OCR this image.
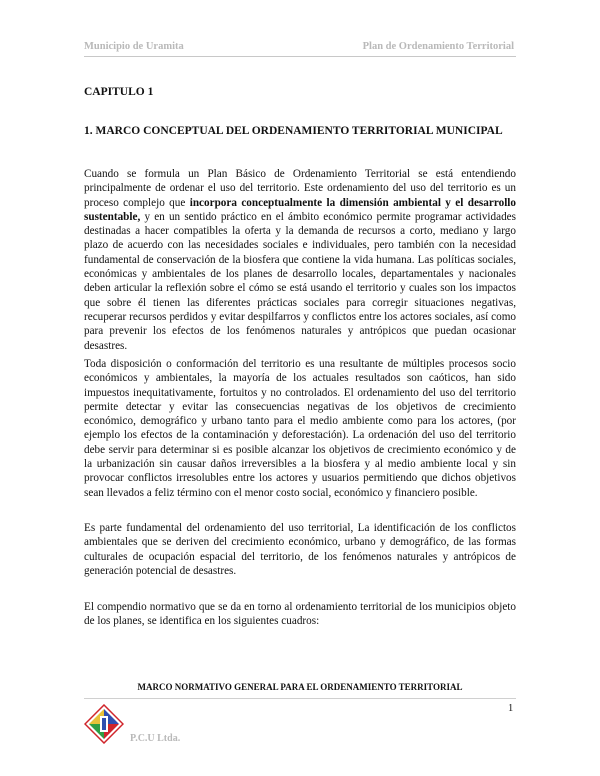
Municipio de Uramita	Plan de Ordenamiento Territorial
CAPITULO 1
1. MARCO CONCEPTUAL DEL ORDENAMIENTO TERRITORIAL MUNICIPAL
Cuando se formula un Plan Básico de Ordenamiento Territorial se está entendiendo principalmente de ordenar el uso del territorio. Este ordenamiento del uso del territorio es un proceso complejo que incorpora conceptualmente la dimensión ambiental y el desarrollo sustentable, y en un sentido práctico en el ámbito económico permite programar actividades destinadas a hacer compatibles la oferta y la demanda de recursos a corto, mediano y largo plazo de acuerdo con las necesidades sociales e individuales, pero también con la necesidad fundamental de conservación de la biosfera que contiene la vida humana. Las políticas sociales, económicas y ambientales de los planes de desarrollo locales, departamentales y nacionales deben articular la reflexión sobre el cómo se está usando el territorio y cuales son los impactos que sobre él tienen las diferentes prácticas sociales para corregir situaciones negativas, recuperar recursos perdidos y evitar despilfarros y conflictos entre los actores sociales, así como para prevenir los efectos de los fenómenos naturales y antrópicos que puedan ocasionar desastres.
Toda disposición o conformación del territorio es una resultante de múltiples procesos socio económicos y ambientales, la mayoría de los actuales resultados son caóticos, han sido impuestos inequitativamente, fortuitos y no controlados. El ordenamiento del uso del territorio permite detectar y evitar las consecuencias negativas de los objetivos de crecimiento económico, demográfico y urbano tanto para el medio ambiente como para los actores, (por ejemplo los efectos de la contaminación y deforestación). La ordenación del uso del territorio debe servir para determinar si es posible alcanzar los objetivos de crecimiento económico y de la urbanización sin causar daños irreversibles a la biosfera y al medio ambiente local y sin provocar conflictos irresolubles entre los actores y usuarios permitiendo que dichos objetivos sean llevados a feliz término con el menor costo social, económico y financiero posible.
Es parte fundamental del ordenamiento del uso territorial, La identificación de los conflictos ambientales que se deriven del crecimiento económico, urbano y demográfico, de las formas culturales de ocupación espacial del territorio, de los fenómenos naturales y antrópicos de generación potencial de desastres.
El compendio normativo que se da en torno al ordenamiento territorial de los municipios objeto de los planes, se identifica en los siguientes cuadros:
MARCO NORMATIVO GENERAL PARA EL ORDENAMIENTO TERRITORIAL
P.C.U Ltda.
1
